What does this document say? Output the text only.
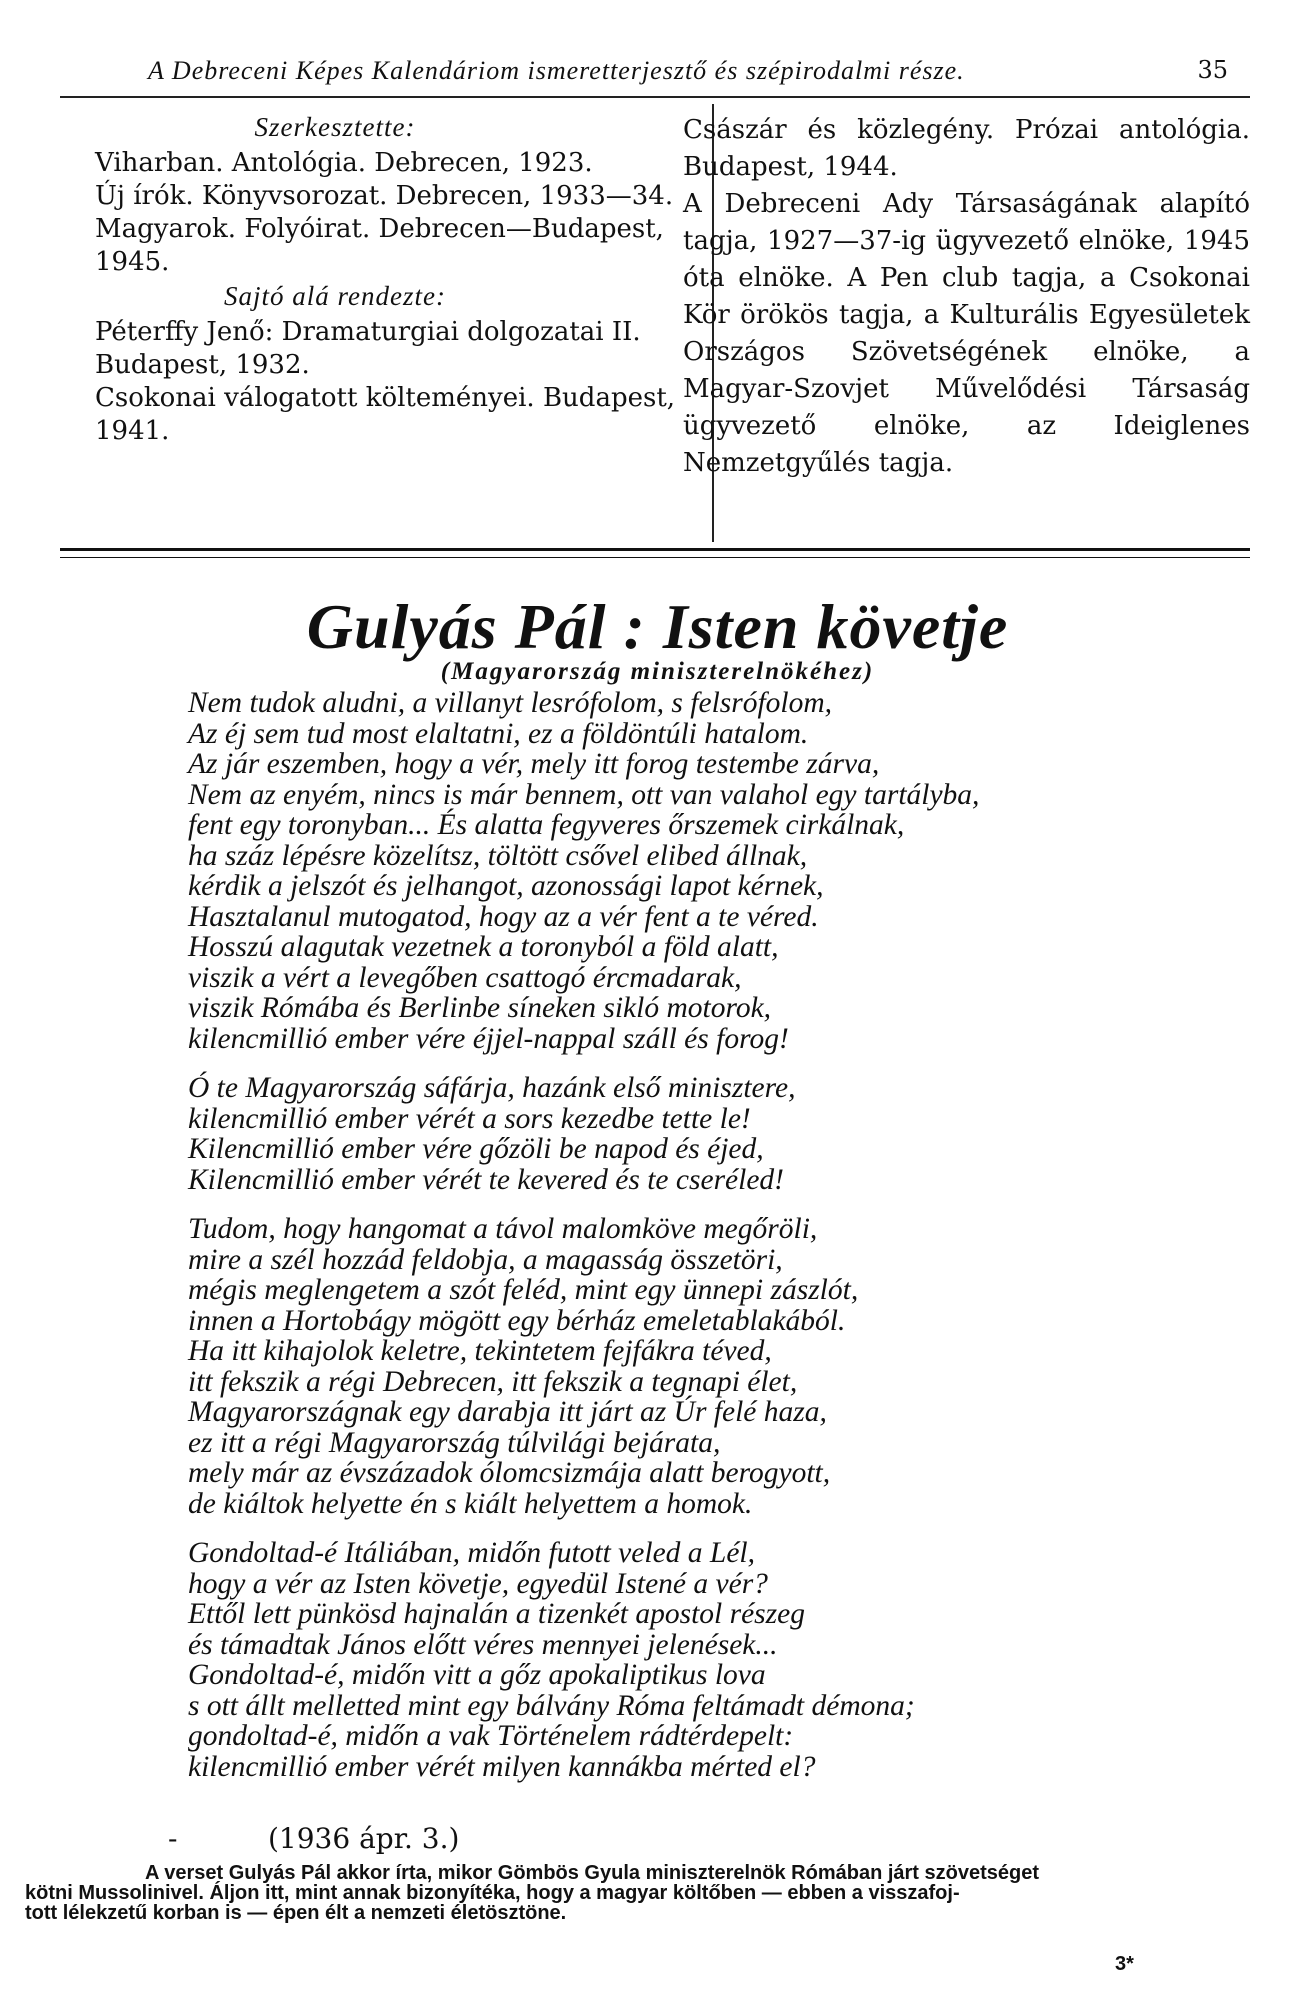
A Debreceni Képes Kalendáriom ismeretterjesztő és szépirodalmi része.	35

Szerkesztette:

Viharban. Antológia. Debrecen, 1923.

Új írók. Könyvsorozat. Debrecen, 1933—34.

Magyarok. Folyóirat. Debrecen—Budapest, 1945.

Sajtó alá rendezte:

Péterffy Jenő: Dramaturgiai dolgozatai II. Budapest, 1932.

Csokonai válogatott költeményei. Budapest, 1941.

Császár és közlegény. Prózai antológia. Budapest, 1944.

A Debreceni Ady Társaságának alapító tagja, 1927—37-ig ügyvezető elnöke, 1945 óta elnöke. A Pen club tagja, a Csokonai Kör örökös tagja, a Kulturális Egyesületek Országos Szövetségének elnöke, a Magyar-Szovjet Művelődési Társaság ügyvezető elnöke, az Ideiglenes Nemzetgyűlés tagja.

Gulyás Pál : Isten követje
(Magyarország miniszterelnökéhez)
Nem tudok aludni, a villanyt lesrófolom, s felsrófolom,
Az éj sem tud most elaltatni, ez a földöntúli hatalom.
Az jár eszemben, hogy a vér, mely itt forog testembe zárva,
Nem az enyém, nincs is már bennem, ott van valahol egy tartályba,
fent egy toronyban... És alatta fegyveres őrszemek cirkálnak,
ha száz lépésre közelítsz, töltött csővel elibed állnak,
kérdik a jelszót és jelhangot, azonossági lapot kérnek,
Hasztalanul mutogatod, hogy az a vér fent a te véred.
Hosszú alagutak vezetnek a toronyból a föld alatt,
viszik a vért a levegőben csattogó ércmadarak,
viszik Rómába és Berlinbe síneken sikló motorok,
kilencmillió ember vére éjjel-nappal száll és forog!
Ó te Magyarország sáfárja, hazánk első minisztere,
kilencmillió ember vérét a sors kezedbe tette le!
Kilencmillió ember vére gőzöli be napod és éjed,
Kilencmillió ember vérét te kevered és te cseréled!
Tudom, hogy hangomat a távol malomköve megőröli,
mire a szél hozzád feldobja, a magasság összetöri,
mégis meglengetem a szót feléd, mint egy ünnepi zászlót,
innen a Hortobágy mögött egy bérház emeletablakából.
Ha itt kihajolok keletre, tekintetem fejfákra téved,
itt fekszik a régi Debrecen, itt fekszik a tegnapi élet,
Magyarországnak egy darabja itt járt az Úr felé haza,
ez itt a régi Magyarország túlvilági bejárata,
mely már az évszázadok ólomcsizmája alatt berogyott,
de kiáltok helyette én s kiált helyettem a homok.
Gondoltad-é Itáliában, midőn futott veled a Lél,
hogy a vér az Isten követje, egyedül Istené a vér?
Ettől lett pünkösd hajnalán a tizenkét apostol részeg
és támadtak János előtt véres mennyei jelenések...
Gondoltad-é, midőn vitt a gőz apokaliptikus lova
s ott állt melletted mint egy bálvány Róma feltámadt démona;
gondoltad-é, midőn a vak Történelem rádtérdepelt:
kilencmillió ember vérét milyen kannákba mérted el?
-	(1936 ápr. 3.)
A verset Gulyás Pál akkor írta, mikor Gömbös Gyula miniszterelnök Rómában járt szövetséget
kötni Mussolinivel. Áljon itt, mint annak bizonyítéka, hogy a magyar költőben — ebben a visszafoj-
tott lélekzetű korban is — épen élt a nemzeti életösztöne.
3*
